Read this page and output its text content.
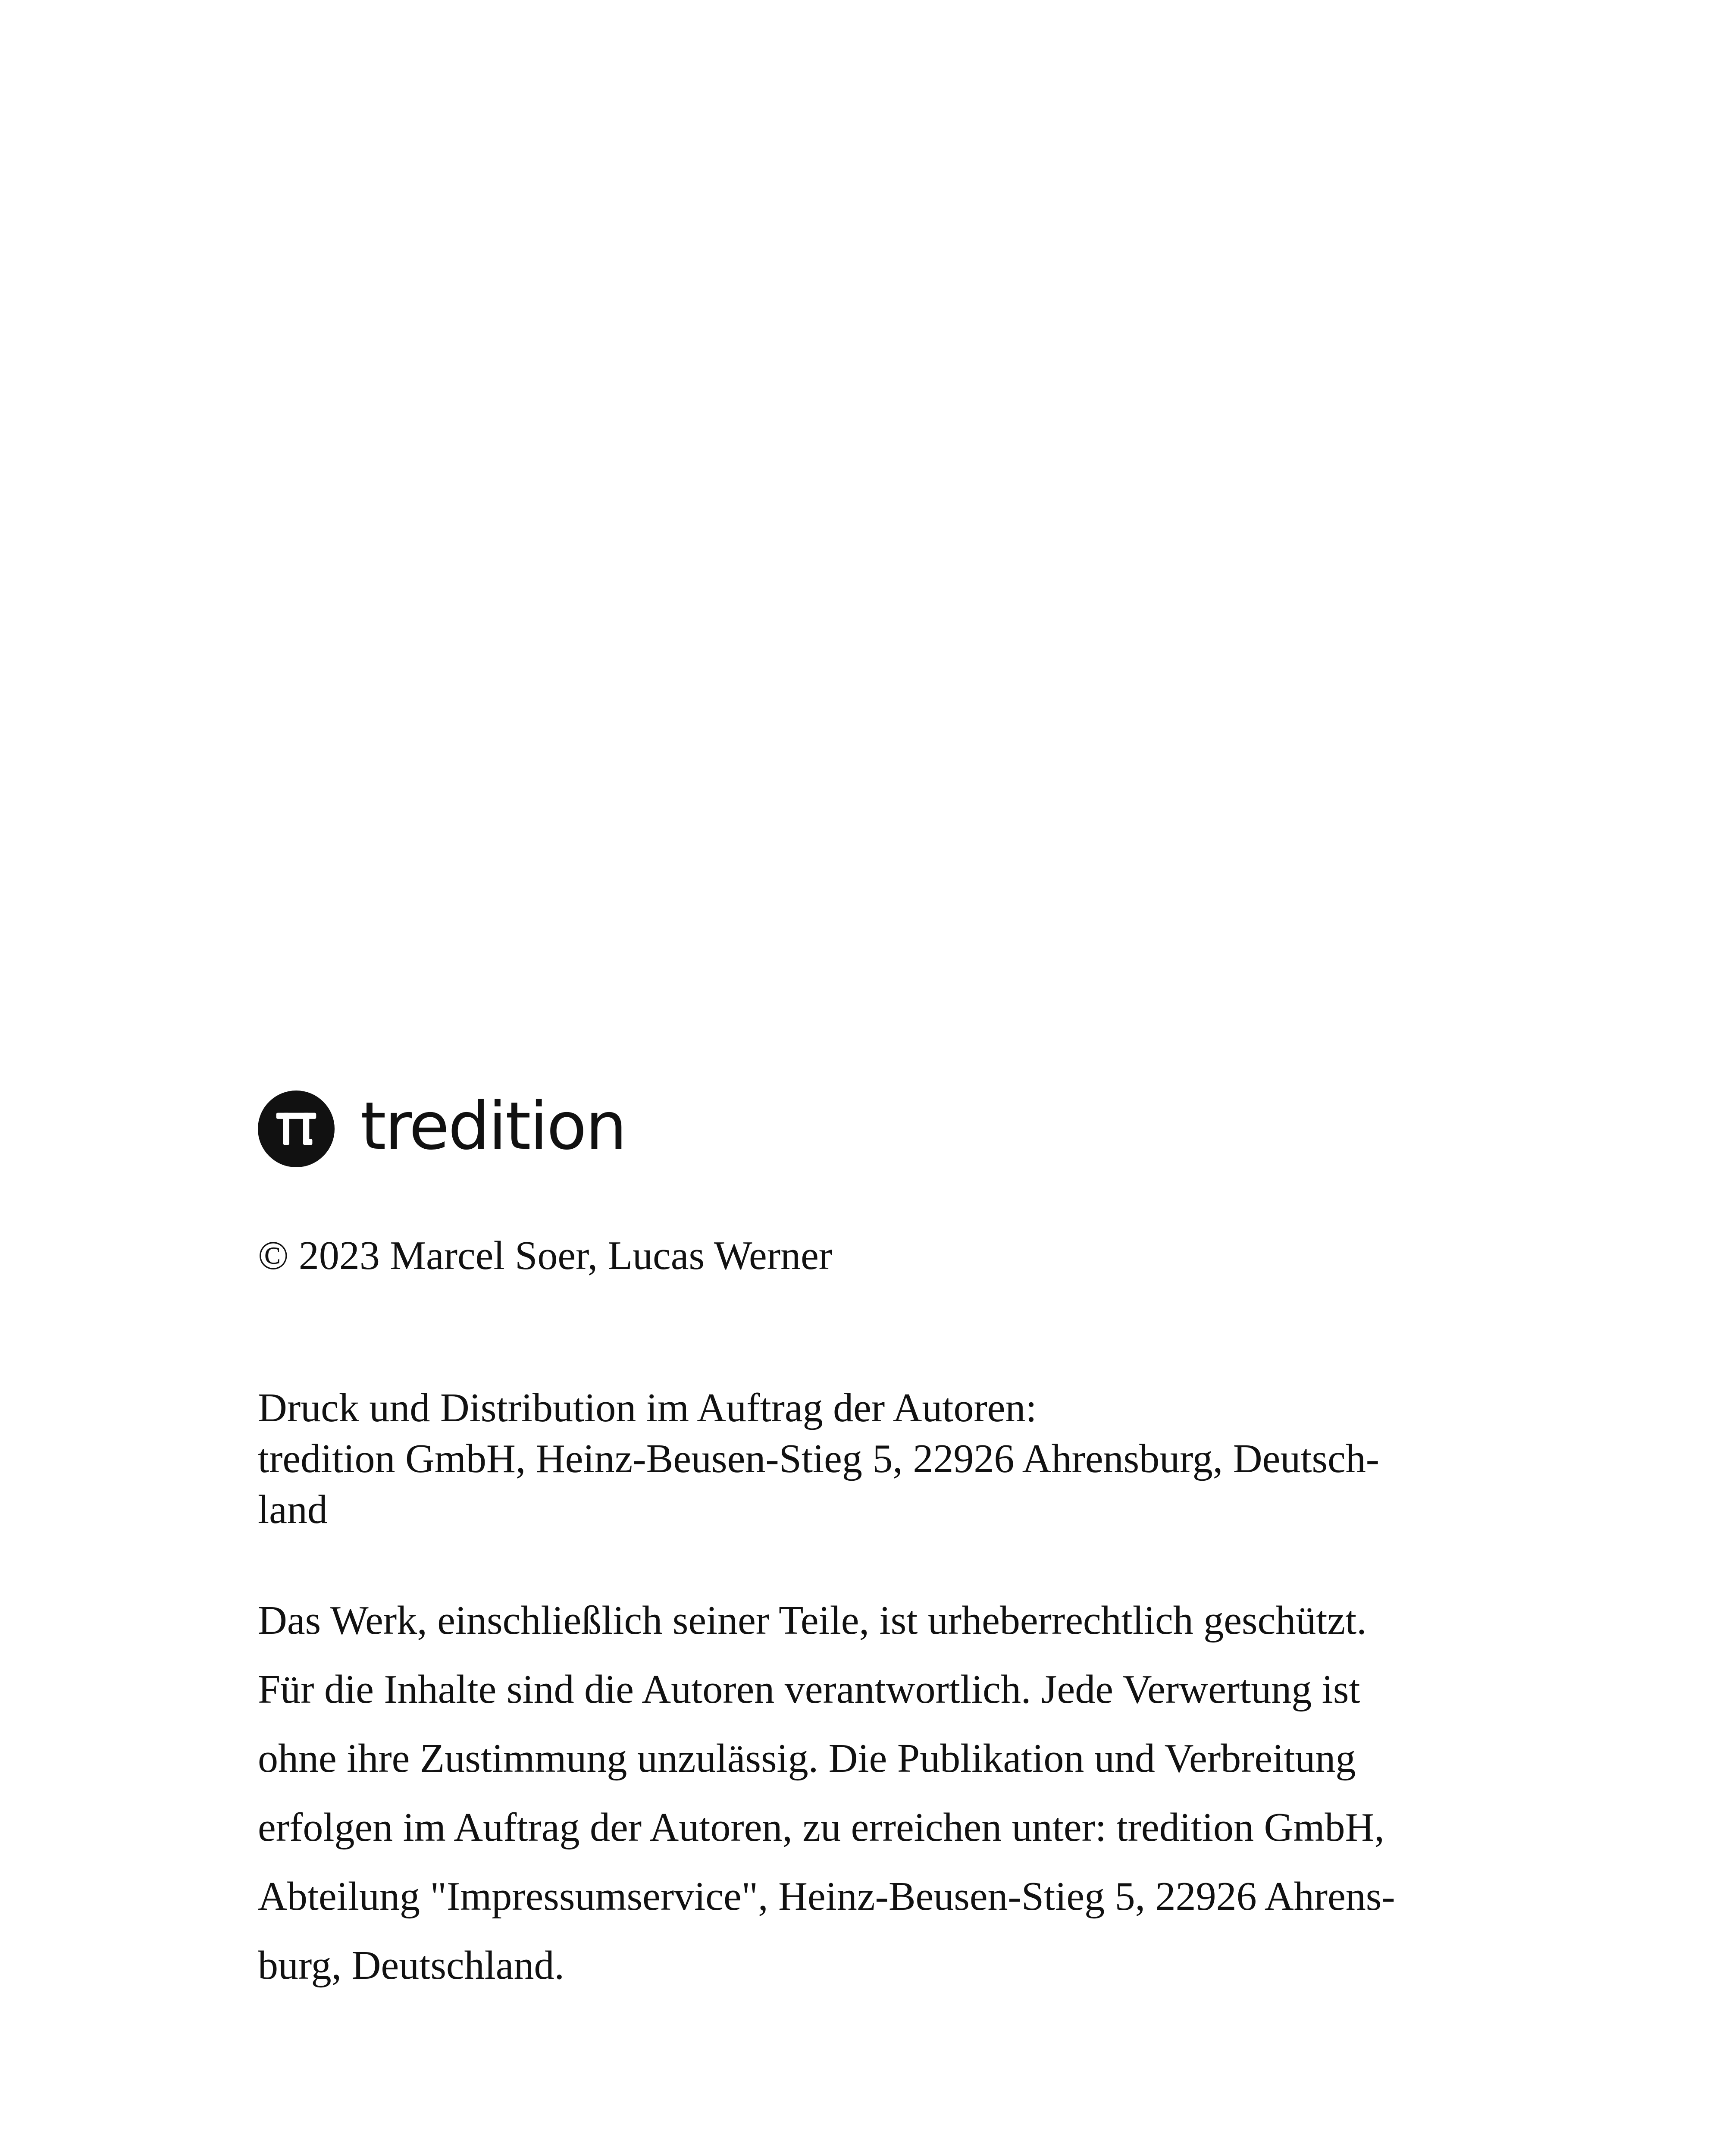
tredition
© 2023 Marcel Soer, Lucas Werner
Druck und Distribution im Auftrag der Autoren:
tredition GmbH, Heinz-Beusen-Stieg 5, 22926 Ahrensburg, Deutsch-
land
Das Werk, einschließlich seiner Teile, ist urheberrechtlich geschützt.
Für die Inhalte sind die Autoren verantwortlich. Jede Verwertung ist
ohne ihre Zustimmung unzulässig. Die Publikation und Verbreitung
erfolgen im Auftrag der Autoren, zu erreichen unter: tredition GmbH,
Abteilung "Impressumservice", Heinz-Beusen-Stieg 5, 22926 Ahrens-
burg, Deutschland.
